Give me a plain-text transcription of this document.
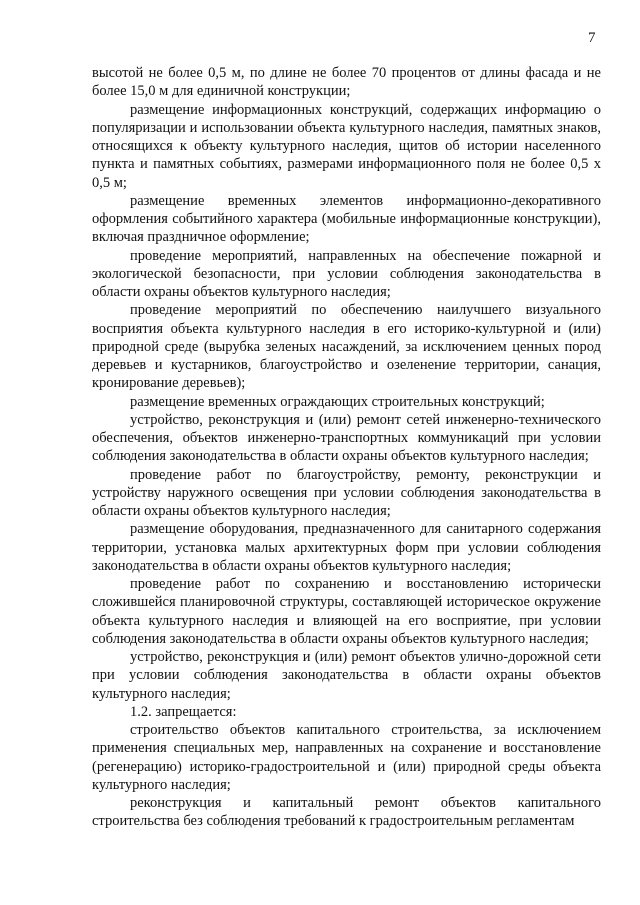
7

высотой не более 0,5 м, по длине не более 70 процентов от длины фасада и не более 15,0 м для единичной конструкции;

размещение информационных конструкций, содержащих информацию о популяризации и использовании объекта культурного наследия, памятных знаков, относящихся к объекту культурного наследия, щитов об истории населенного пункта и памятных событиях, размерами информационного поля не более 0,5 х 0,5 м;

размещение временных элементов информационно-декоративного оформления событийного характера (мобильные информационные конструкции), включая праздничное оформление;

проведение мероприятий, направленных на обеспечение пожарной и экологической безопасности, при условии соблюдения законодательства в области охраны объектов культурного наследия;

проведение мероприятий по обеспечению наилучшего визуального восприятия объекта культурного наследия в его историко-культурной и (или) природной среде (вырубка зеленых насаждений, за исключением ценных пород деревьев и кустарников, благоустройство и озеленение территории, санация, кронирование деревьев);

размещение временных ограждающих строительных конструкций;

устройство, реконструкция и (или) ремонт сетей инженерно-технического обеспечения, объектов инженерно-транспортных коммуникаций при условии соблюдения законодательства в области охраны объектов культурного наследия;

проведение работ по благоустройству, ремонту, реконструкции и устройству наружного освещения при условии соблюдения законодательства в области охраны объектов культурного наследия;

размещение оборудования, предназначенного для санитарного содержания территории, установка малых архитектурных форм при условии соблюдения законодательства в области охраны объектов культурного наследия;

проведение работ по сохранению и восстановлению исторически сложившейся планировочной структуры, составляющей историческое окружение объекта культурного наследия и влияющей на его восприятие, при условии соблюдения законодательства в области охраны объектов культурного наследия;

устройство, реконструкция и (или) ремонт объектов улично-дорожной сети при условии соблюдения законодательства в области охраны объектов культурного наследия;

1.2. запрещается:

строительство объектов капитального строительства, за исключением применения специальных мер, направленных на сохранение и восстановление (регенерацию) историко-градостроительной и (или) природной среды объекта культурного наследия;

реконструкция и капитальный ремонт объектов капитального строительства без соблюдения требований к градостроительным регламентам
